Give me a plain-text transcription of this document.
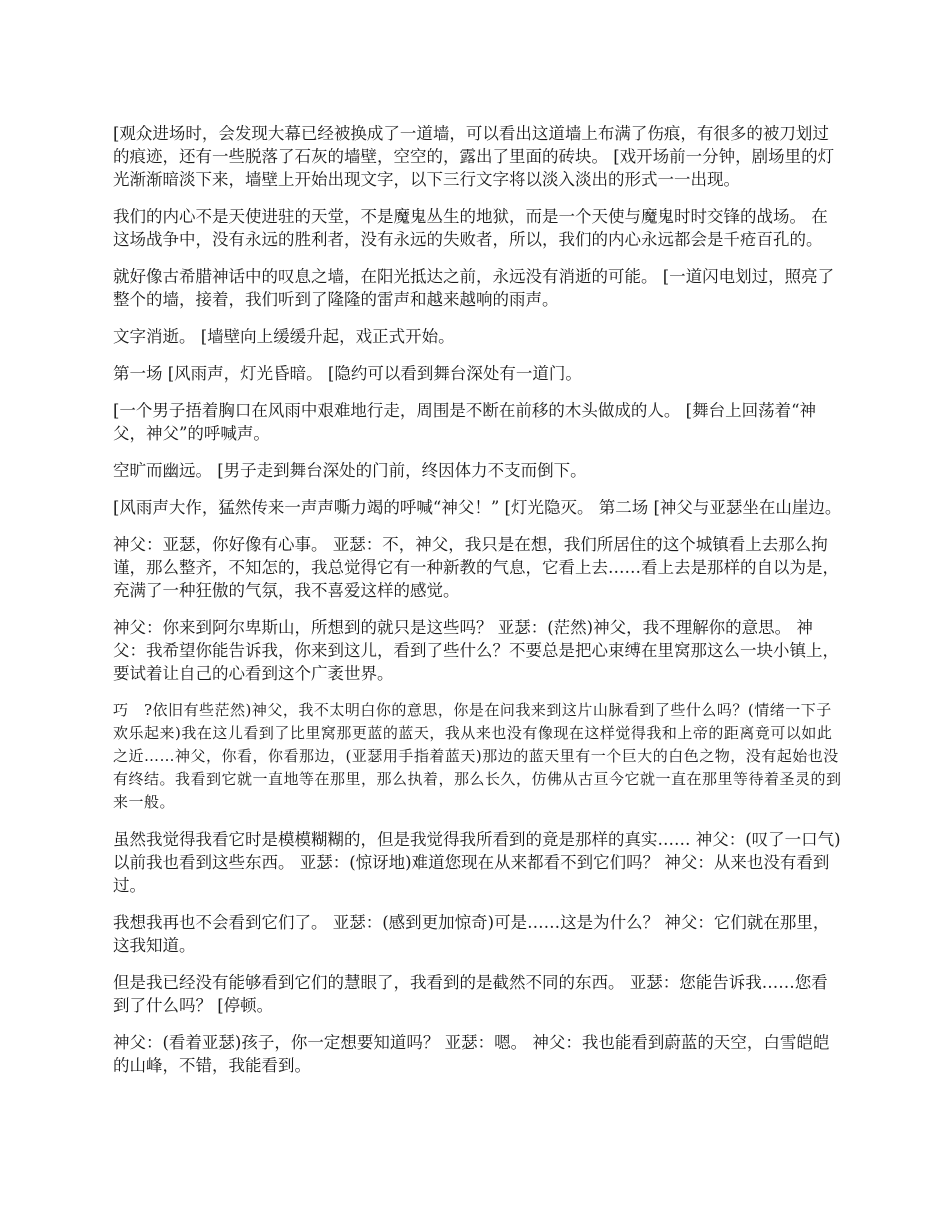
[观众进场时，会发现大幕已经被换成了一道墙，可以看出这道墙上布满了伤痕，有很多的被刀划过的痕迹，还有一些脱落了石灰的墙壁，空空的，露出了里面的砖块。 [戏开场前一分钟，剧场里的灯光渐渐暗淡下来，墙壁上开始出现文字，以下三行文字将以淡入淡出的形式一一出现。

我们的内心不是天使进驻的天堂，不是魔鬼丛生的地狱，而是一个天使与魔鬼时时交锋的战场。 在这场战争中，没有永远的胜利者，没有永远的失败者，所以，我们的内心永远都会是千疮百孔的。

就好像古希腊神话中的叹息之墙，在阳光抵达之前，永远没有消逝的可能。 [一道闪电划过，照亮了整个的墙，接着，我们听到了隆隆的雷声和越来越响的雨声。

文字消逝。 [墙壁向上缓缓升起，戏正式开始。

第一场 [风雨声，灯光昏暗。 [隐约可以看到舞台深处有一道门。

[一个男子捂着胸口在风雨中艰难地行走，周围是不断在前移的木头做成的人。 [舞台上回荡着“神父，神父”的呼喊声。

空旷而幽远。 [男子走到舞台深处的门前，终因体力不支而倒下。

[风雨声大作，猛然传来一声声嘶力竭的呼喊“神父！” [灯光隐灭。 第二场 [神父与亚瑟坐在山崖边。

神父：亚瑟，你好像有心事。 亚瑟：不，神父，我只是在想，我们所居住的这个城镇看上去那么拘谨，那么整齐，不知怎的，我总觉得它有一种新教的气息，它看上去……看上去是那样的自以为是，充满了一种狂傲的气氛，我不喜爱这样的感觉。

神父：你来到阿尔卑斯山，所想到的就只是这些吗？ 亚瑟：(茫然)神父，我不理解你的意思。 神父：我希望你能告诉我，你来到这儿，看到了些什么？不要总是把心束缚在里窝那这么一块小镇上，要试着让自己的心看到这个广袤世界。

巧　?依旧有些茫然)神父，我不太明白你的意思，你是在问我来到这片山脉看到了些什么吗？(情绪一下子欢乐起来)我在这儿看到了比里窝那更蓝的蓝天，我从来也没有像现在这样觉得我和上帝的距离竟可以如此之近……神父，你看，你看那边，(亚瑟用手指着蓝天)那边的蓝天里有一个巨大的白色之物，没有起始也没有终结。我看到它就一直地等在那里，那么执着，那么长久，仿佛从古亘今它就一直在那里等待着圣灵的到来一般。

虽然我觉得我看它时是模模糊糊的，但是我觉得我所看到的竟是那样的真实…… 神父：(叹了一口气)以前我也看到这些东西。 亚瑟：(惊讶地)难道您现在从来都看不到它们吗？ 神父：从来也没有看到过。

我想我再也不会看到它们了。 亚瑟：(感到更加惊奇)可是……这是为什么？ 神父：它们就在那里，这我知道。

但是我已经没有能够看到它们的慧眼了，我看到的是截然不同的东西。 亚瑟：您能告诉我……您看到了什么吗？ [停顿。

神父：(看着亚瑟)孩子，你一定想要知道吗？ 亚瑟：嗯。 神父：我也能看到蔚蓝的天空，白雪皑皑的山峰，不错，我能看到。
